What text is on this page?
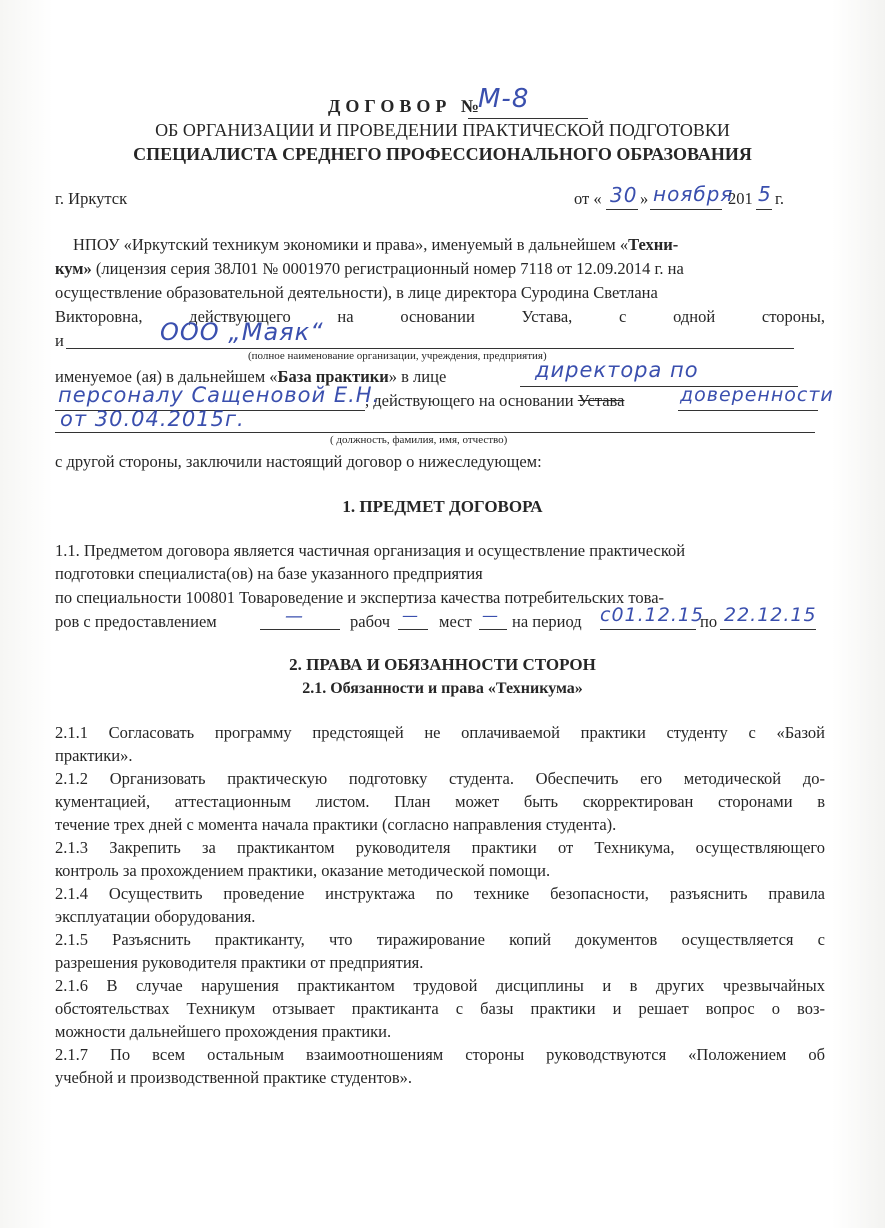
ДОГОВОР №
М-8
ОБ ОРГАНИЗАЦИИ И ПРОВЕДЕНИИ ПРАКТИЧЕСКОЙ ПОДГОТОВКИ
СПЕЦИАЛИСТА СРЕДНЕГО ПРОФЕССИОНАЛЬНОГО ОБРАЗОВАНИЯ
г. Иркутск	от « 30 » ноября
201 5 г.
НПОУ «Иркутский техникум экономики и права», именуемый в дальнейшем «Техни-
кум» (лицензия серия 38Л01 № 0001970 регистрационный номер 7118 от 12.09.2014 г. на
осуществление образовательной деятельности), в лице директора Суродина Светлана
Викторовна, действующего на основании Устава, с одной стороны,
и	ООО „Маяк“
(полное наименование организации, учреждения, предприятия)
именуемое (ая) в дальнейшем «База практики» в лице	директора по
персоналу Сащеновой Е.Н.
, действующего на основании Устава	доверенности
от 30.04.2015г.
( должность, фамилия, имя, отчество)
с другой стороны, заключили настоящий договор о нижеследующем:
1. ПРЕДМЕТ ДОГОВОРА
1.1. Предметом договора является частичная организация и осуществление практической
подготовки специалиста(ов) на базе указанного предприятия
по специальности 100801 Товароведение и экспертиза качества потребительских това-
ров с предоставлением	—	рабоч — мест — на период с01.12.15
по 22.12.15
2. ПРАВА И ОБЯЗАННОСТИ СТОРОН
2.1. Обязанности и права «Техникума»
2.1.1 Согласовать программу предстоящей не оплачиваемой практики студенту с «Базой
практики».
2.1.2 Организовать практическую подготовку студента. Обеспечить его методической до-
кументацией, аттестационным листом. План может быть скорректирован сторонами в
течение трех дней с момента начала практики (согласно направления студента).
2.1.3 Закрепить за практикантом руководителя практики от Техникума, осуществляющего
контроль за прохождением практики, оказание методической помощи.
2.1.4 Осуществить проведение инструктажа по технике безопасности, разъяснить правила
эксплуатации оборудования.
2.1.5 Разъяснить практиканту, что тиражирование копий документов осуществляется с
разрешения руководителя практики от предприятия.
2.1.6 В случае нарушения практикантом трудовой дисциплины и в других чрезвычайных
обстоятельствах Техникум отзывает практиканта с базы практики и решает вопрос о воз-
можности дальнейшего прохождения практики.
2.1.7 По всем остальным взаимоотношениям стороны руководствуются «Положением об
учебной и производственной практике студентов».
